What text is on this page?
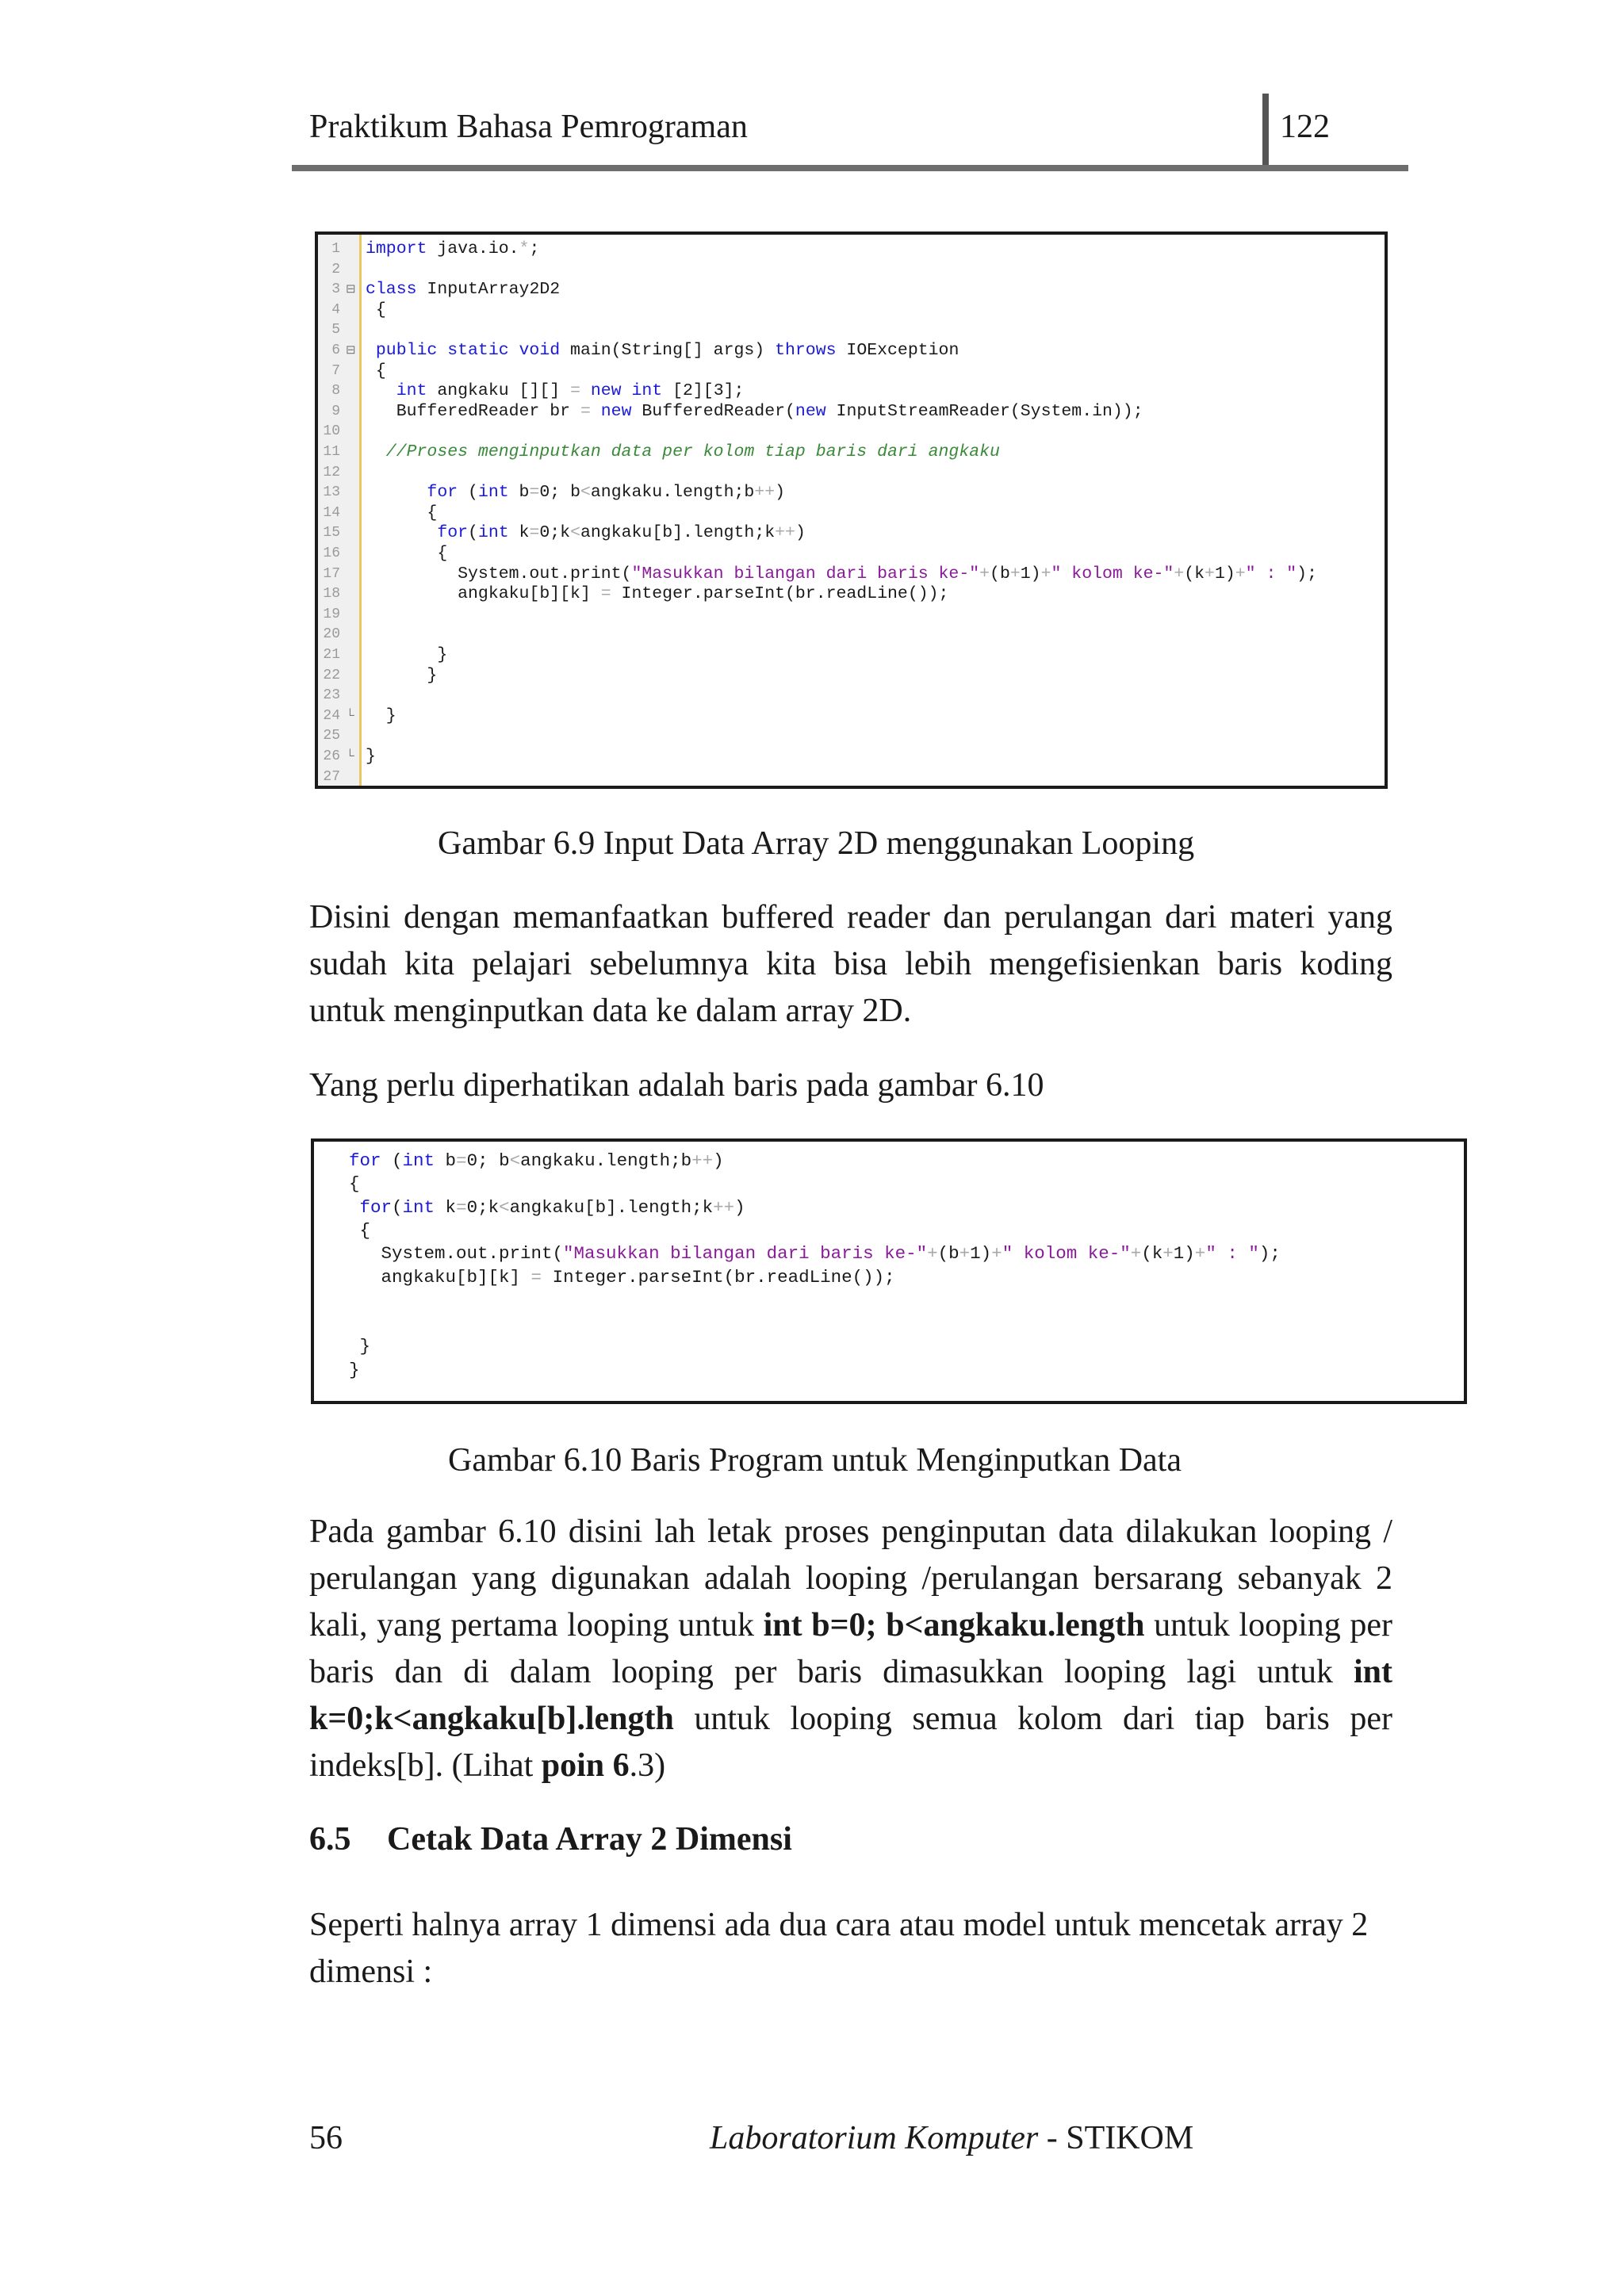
Praktikum Bahasa Pemrograman	122
1
2
3
4
5
6
7
8
9
10
11
12
13
14
15
16
17
18
19
20
21
22
23
24
25
26
27
⊟
⊟
└
└
import java.io.*;
class InputArray2D2
{
public static void main(String[] args) throws IOException
{
int angkaku [][] = new int [2][3];
BufferedReader br = new BufferedReader(new InputStreamReader(System.in));
//Proses menginputkan data per kolom tiap baris dari angkaku
for (int b=0; b<angkaku.length;b++)
{
for(int k=0;k<angkaku[b].length;k++)
{
System.out.print("Masukkan bilangan dari baris ke-"+(b+1)+" kolom ke-"+(k+1)+" : ");
angkaku[b][k] = Integer.parseInt(br.readLine());
}
}
}
}
Gambar 6.9 Input Data Array 2D menggunakan Looping
Disini dengan memanfaatkan buffered reader dan perulangan dari materi yang sudah kita pelajari sebelumnya kita bisa lebih mengefisienkan baris koding untuk menginputkan data ke dalam array 2D.
Yang perlu diperhatikan adalah baris pada gambar 6.10
for (int b=0; b<angkaku.length;b++)
{
for(int k=0;k<angkaku[b].length;k++)
{
System.out.print("Masukkan bilangan dari baris ke-"+(b+1)+" kolom ke-"+(k+1)+" : ");
angkaku[b][k] = Integer.parseInt(br.readLine());
}
}
Gambar 6.10 Baris Program untuk Menginputkan Data
Pada gambar 6.10 disini lah letak proses penginputan data dilakukan looping / perulangan yang digunakan adalah looping /perulangan bersarang sebanyak 2 kali, yang pertama looping untuk int b=0; b<angkaku.length untuk looping per baris dan di dalam looping per baris dimasukkan looping lagi untuk int k=0;k<angkaku[b].length untuk looping semua kolom dari tiap baris per indeks[b]. (Lihat poin 6.3)
6.5 Cetak Data Array 2 Dimensi
Seperti halnya array 1 dimensi ada dua cara atau model untuk mencetak array 2 dimensi :
56	Laboratorium Komputer - STIKOM
